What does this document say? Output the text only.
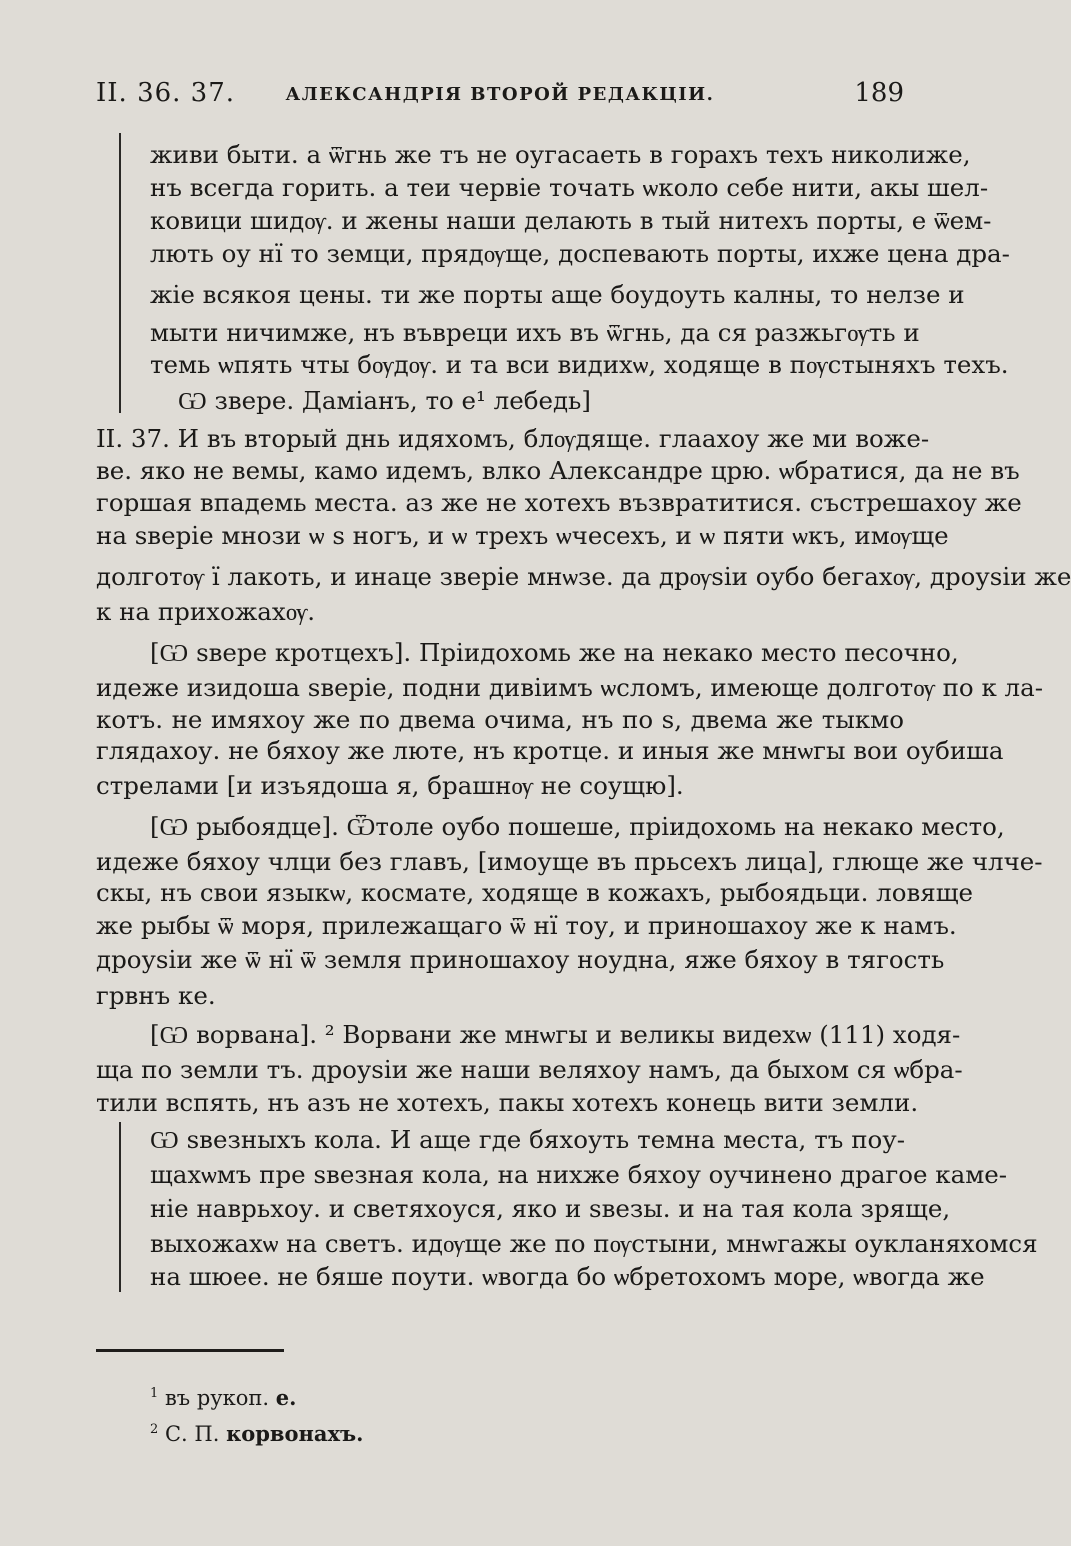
II. 36. 37.	АЛЕКСАНДРІЯ ВТОРОЙ РЕДАКЦІИ.	189
живи быти. а ѿгнь же тъ не оугасаеть в горахъ техъ николиже,
нъ всегда горить. а теи червіе точать ѡколо себе нити, акы шел-
ковици шидѹ. и жены наши делають в тый нитехъ порты, е ѿем-
лють оу нї то земци, прядѹще, доспевають порты, ихже цена дра-
жіе всякоя цены. ти же порты аще боудоуть калны, то нелзе и
мыти ничимже, нъ въвреци ихъ въ ѿгнь, да ся разжьгѹть и
темь ѡпять чты бѹдѹ. и та вси видихѡ, ходяще в пѹстыняхъ техъ.
Ѡ звере. Даміанъ, то е¹ лебедь]
II. 37. И въ вторый днь идяхомъ, блѹдяще. глаахоу же ми воже-
ве. яко не вемы, камо идемъ, влко Александре црю. ѡбратися, да не въ
горшая впадемь места. аз же не хотехъ възвратитися. състрешахоу же
на ѕверіе мнози ѡ ѕ ногъ, и ѡ трехъ ѡчесехъ, и ѡ пяти ѡкъ, имѹще
долготѹ ї лакоть, и инаце зверіе мнѡзе. да дрѹѕіи оубо бегахѹ, дроуѕіи же
к на прихожахѹ.
[Ѡ ѕвере кротцехъ]. Пріидохомь же на некако место песочно,
идеже изидоша ѕверіе, подни дивіимъ ѡсломъ, имеюще долготѹ по к ла-
котъ. не имяхоу же по двема очима, нъ по ѕ, двема же тыкмо
глядахоу. не бяхоу же люте, нъ кротце. и иныя же мнѡгы вои оубиша
стрелами [и изъядоша я, брашнѹ не соущю].
[Ѡ рыбоядце]. Ѿтоле оубо пошеше, пріидохомь на некако место,
идеже бяхоу члци без главъ, [имоуще въ прьсехъ лица], глюще же члче-
скы, нъ свои языкѡ, космате, ходяще в кожахъ, рыбоядьци. ловяще
же рыбы ѿ моря, прилежащаго ѿ нї тоу, и приношахоу же к намъ.
дроуѕіи же ѿ нї ѿ земля приношахоу ноудна, яже бяхоу в тягость
грвнъ ке.
[Ѡ ворвана]. ² Ворвани же мнѡгы и великы видехѡ (111) ходя-
ща по земли тъ. дроуѕіи же наши веляхоу намъ, да быхом ся ѡбра-
тили вспять, нъ азъ не хотехъ, пакы хотехъ конець вити земли.
Ѡ ѕвезныхъ кола. И аще где бяхоуть темна места, тъ поу-
щахѡмъ пре ѕвезная кола, на нихже бяхоу оучинено драгое каме-
ніе наврьхоу. и светяхоуся, яко и ѕвезы. и на тая кола зряще,
выхожахѡ на светъ. идѹще же по пѹстыни, мнѡгажы оукланяхомся
на шюее. не бяше поути. ѡвогда бо ѡбретохомъ море, ѡвогда же
$^1$ въ рукоп. е.
$^2$ С. П. корвонахъ.
